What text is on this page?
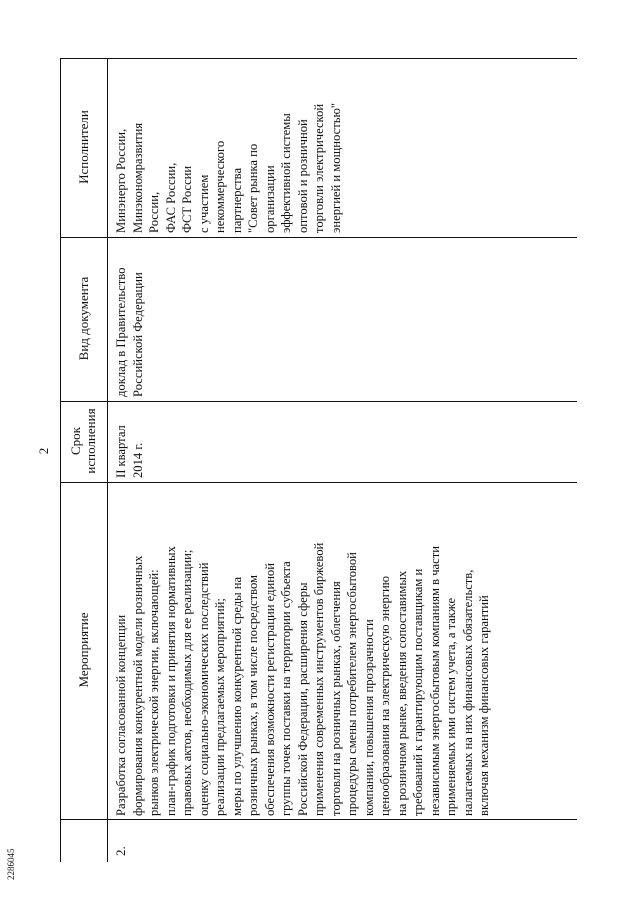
2
2286045
Мероприятие
Срок исполнения
Вид документа
Исполнители
2.
Разработка согласованной концепции формирования конкурентной модели розничных рынков электрической энергии, включающей: план-график подготовки и принятия нормативных правовых актов, необходимых для ее реализации; оценку социально-экономических последствий реализации предлагаемых мероприятий; меры по улучшению конкурентной среды на розничных рынках, в том числе посредством обеспечения возможности регистрации единой группы точек поставки на территории субъекта Российской Федерации, расширения сферы применения современных инструментов биржевой торговли на розничных рынках, облегчения процедуры смены потребителем энергосбытовой компании, повышения прозрачности ценообразования на электрическую энергию на розничном рынке, введения сопоставимых требований к гарантирующим поставщикам и независимым энергосбытовым компаниям в части применяемых ими систем учета, а также налагаемых на них финансовых обязательств, включая механизм финансовых гарантий
II квартал 2014 г.
доклад в Правительство Российской Федерации
Минэнерго России, Минэкономразвития России, ФАС России, ФСТ России с участием некоммерческого партнерства "Совет рынка по организации эффективной системы оптовой и розничной торговли электрической энергией и мощностью"
